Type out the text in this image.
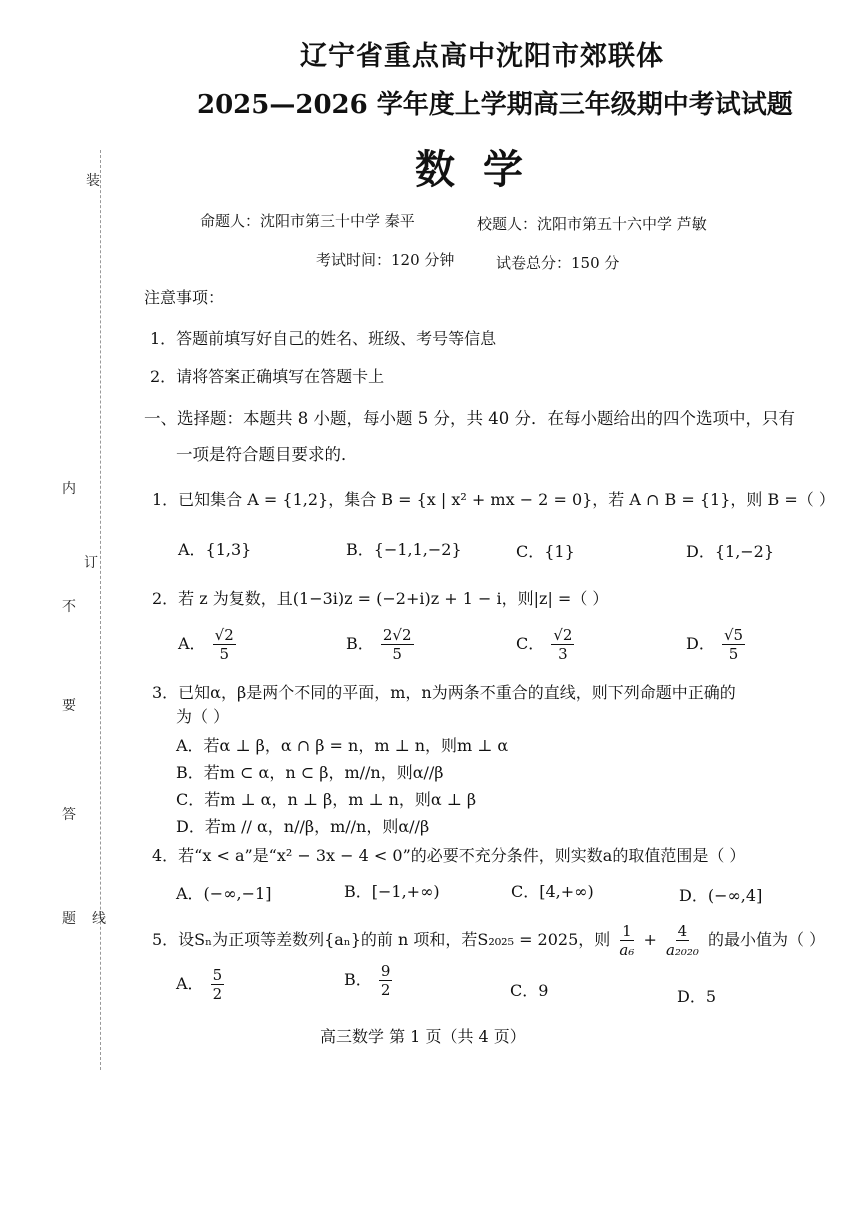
装
订
线
不
要
答
题
内
辽宁省重点高中沈阳市郊联体
2025—2026 学年度上学期高三年级期中考试试题
数学
命题人：沈阳市第三十中学 秦平	校题人：沈阳市第五十六中学 芦敏
考试时间：120 分钟	试卷总分：150 分
注意事项：
1．答题前填写好自己的姓名、班级、考号等信息
2．请将答案正确填写在答题卡上
一、选择题：本题共 8 小题，每小题 5 分，共 40 分．在每小题给出的四个选项中，只有
一项是符合题目要求的．
1．已知集合 A = {1,2}，集合 B = {x | x² + mx − 2 = 0}，若 A ∩ B = {1}，则 B =（ ）
A．{1,3}	B．{−1,1,−2}	C．{1}	D．{1,−2}
2．若 z 为复数，且(1−3i)z = (−2+i)z + 1 − i，则|z| =（ ）
A． $\frac{√2}{5}$	B． $\frac{2√2}{5}$	C． $\frac{√2}{3}$	D． $\frac{√5}{5}$
3．已知α，β是两个不同的平面，m，n为两条不重合的直线，则下列命题中正确的
为（ ）
A．若α ⊥ β，α ∩ β = n，m ⊥ n，则m ⊥ α
B．若m ⊂ α，n ⊂ β，m//n，则α//β
C．若m ⊥ α，n ⊥ β，m ⊥ n，则α ⊥ β
D．若m // α，n//β，m//n，则α//β
4．若“x < a”是“x² − 3x − 4 < 0”的必要不充分条件，则实数a的取值范围是（ ）
A．(−∞,−1]	B．[−1,+∞)	C．[4,+∞)	D．(−∞,4]
5．设Sₙ为正项等差数列{aₙ}的前 n 项和，若S₂₀₂₅ = 2025，则 $\frac{1}{\text{a₆}} + \frac{4}{\text{a₂₀₂₀}}$ 的最小值为（ ）
A． $\frac{5}{2}$	B． $\frac{9}{2}$	C．9	D．5
高三数学 第 1 页（共 4 页）
